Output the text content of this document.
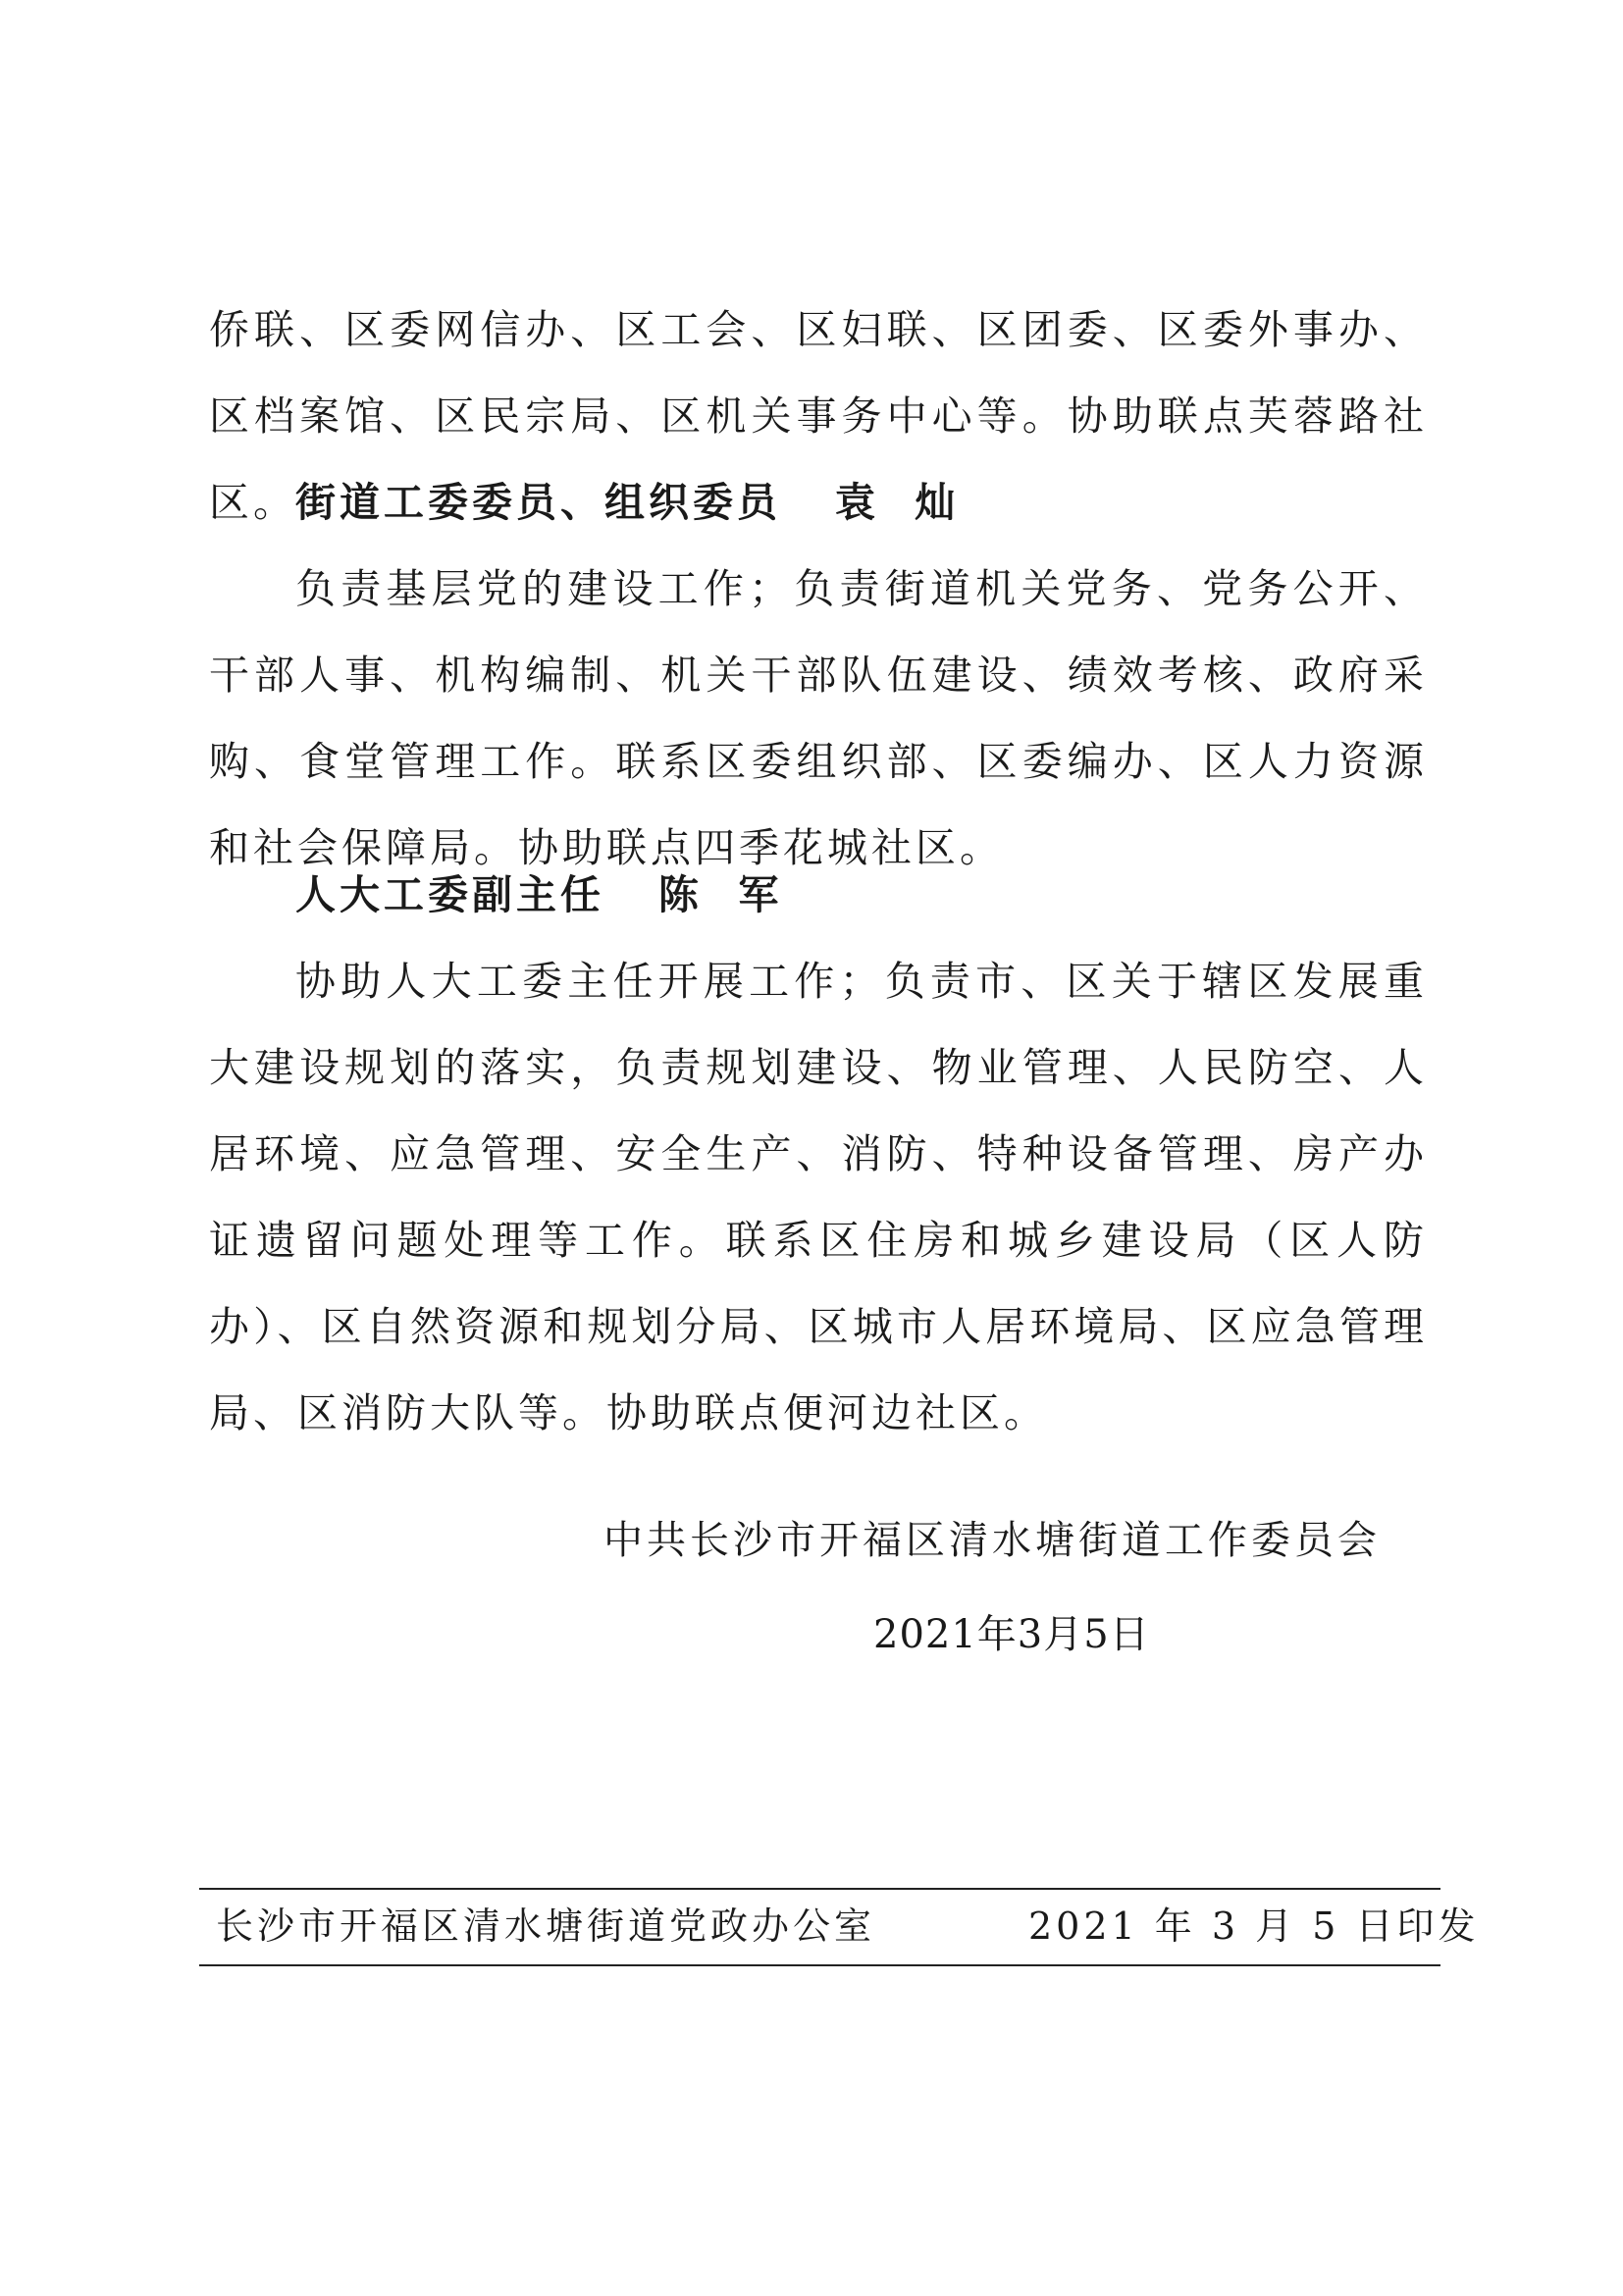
侨联、区委网信办、区工会、区妇联、区团委、区委外事办、区档案馆、区民宗局、区机关事务中心等。协助联点芙蓉路社区。

街道工委委员、组织委员   袁  灿

负责基层党的建设工作；负责街道机关党务、党务公开、干部人事、机构编制、机关干部队伍建设、绩效考核、政府采购、食堂管理工作。联系区委组织部、区委编办、区人力资源和社会保障局。协助联点四季花城社区。

人大工委副主任   陈  军

协助人大工委主任开展工作；负责市、区关于辖区发展重大建设规划的落实，负责规划建设、物业管理、人民防空、人居环境、应急管理、安全生产、消防、特种设备管理、房产办证遗留问题处理等工作。联系区住房和城乡建设局（区人防办）、区自然资源和规划分局、区城市人居环境局、区应急管理局、区消防大队等。协助联点便河边社区。

中共长沙市开福区清水塘街道工作委员会
2021年3月5日
长沙市开福区清水塘街道党政办公室	2021 年 3 月 5 日印发
